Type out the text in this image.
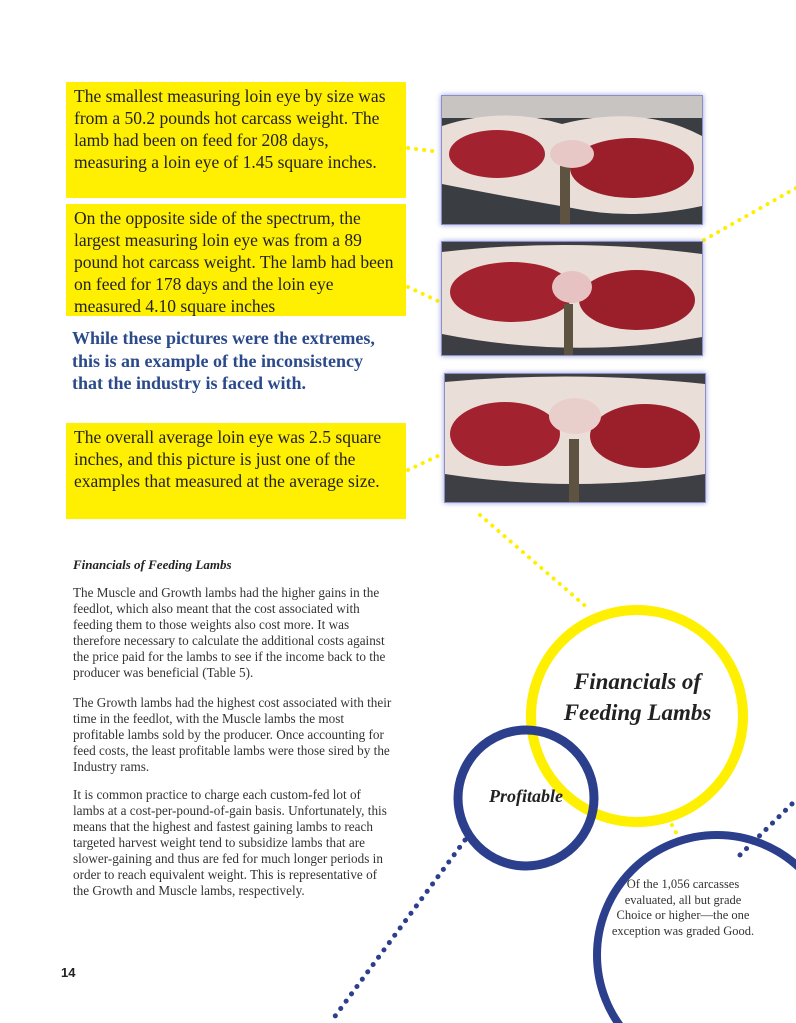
The smallest measuring loin eye by size was from a 50.2 pounds hot carcass weight. The lamb had been on feed for 208 days, measuring a loin eye of 1.45 square inches.
On the opposite side of the spectrum, the largest measuring loin eye was from a 89 pound hot carcass weight. The lamb had been on feed for 178 days and the loin eye measured 4.10 square inches
While these pictures were the extremes, this is an example of the inconsistency that the industry is faced with.
The overall average loin eye was 2.5 square inches, and this picture is just one of the examples that measured at the average size.
Financials of Feeding Lambs

The Muscle and Growth lambs had the higher gains in the feedlot, which also meant that the cost associated with feeding them to those weights also cost more. It was therefore necessary to calculate the additional costs against the price paid for the lambs to see if the income back to the producer was beneficial (Table 5).

The Growth lambs had the highest cost associated with their time in the feedlot, with the Muscle lambs the most profitable lambs sold by the producer. Once accounting for feed costs, the least profitable lambs were those sired by the Industry rams.

It is common practice to charge each custom-fed lot of lambs at a cost-per-pound-of-gain basis. Unfortunately, this means that the highest and fastest gaining lambs to reach targeted harvest weight tend to subsidize lambs that are slower-gaining and thus are fed for much longer periods in order to reach equivalent weight. This is representative of the Growth and Muscle lambs, respectively.

14
Financials of Feeding Lambs
Profitable
Of the 1,056 carcasses evaluated, all but grade Choice or higher—the one exception was graded Good.
